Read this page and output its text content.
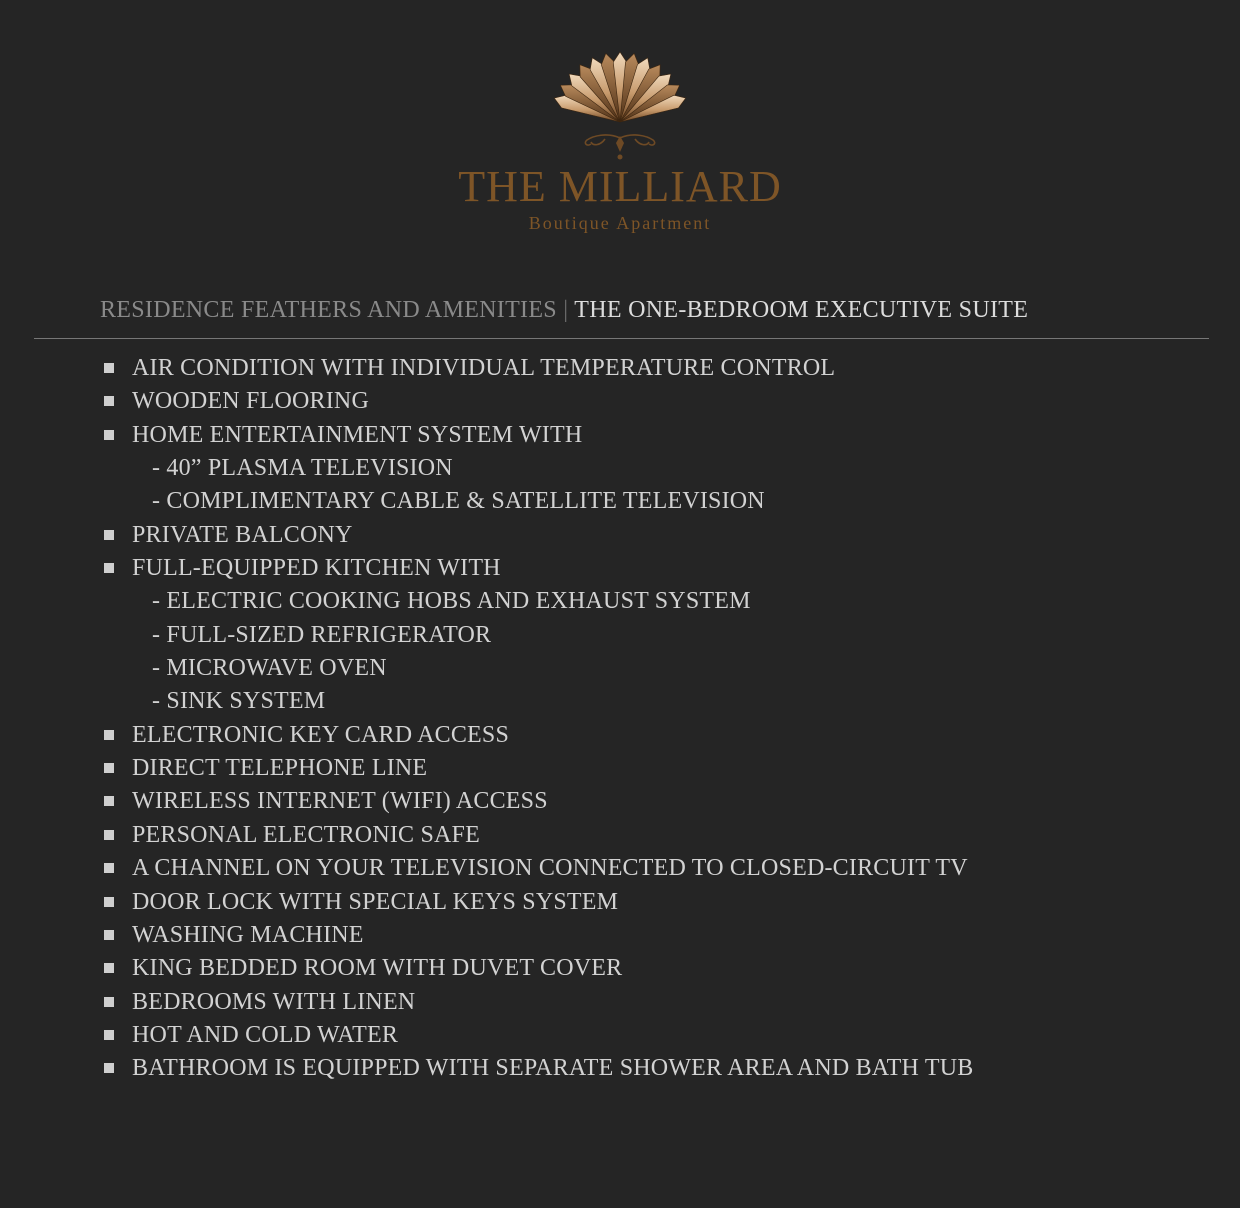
THE MILLIARD
Boutique Apartment
RESIDENCE FEATHERS AND AMENITIES | THE ONE-BEDROOM EXECUTIVE SUITE
AIR CONDITION WITH INDIVIDUAL TEMPERATURE CONTROL
WOODEN FLOORING
HOME ENTERTAINMENT SYSTEM WITH
- 40” PLASMA TELEVISION
- COMPLIMENTARY CABLE & SATELLITE TELEVISION
PRIVATE BALCONY
FULL-EQUIPPED KITCHEN WITH
- ELECTRIC COOKING HOBS AND EXHAUST SYSTEM
- FULL-SIZED REFRIGERATOR
- MICROWAVE OVEN
- SINK SYSTEM
ELECTRONIC KEY CARD ACCESS
DIRECT TELEPHONE LINE
WIRELESS INTERNET (WIFI) ACCESS
PERSONAL ELECTRONIC SAFE
A CHANNEL ON YOUR TELEVISION CONNECTED TO CLOSED-CIRCUIT TV
DOOR LOCK WITH SPECIAL KEYS SYSTEM
WASHING MACHINE
KING BEDDED ROOM WITH DUVET COVER
BEDROOMS WITH LINEN
HOT AND COLD WATER
BATHROOM IS EQUIPPED WITH SEPARATE SHOWER AREA AND BATH TUB
